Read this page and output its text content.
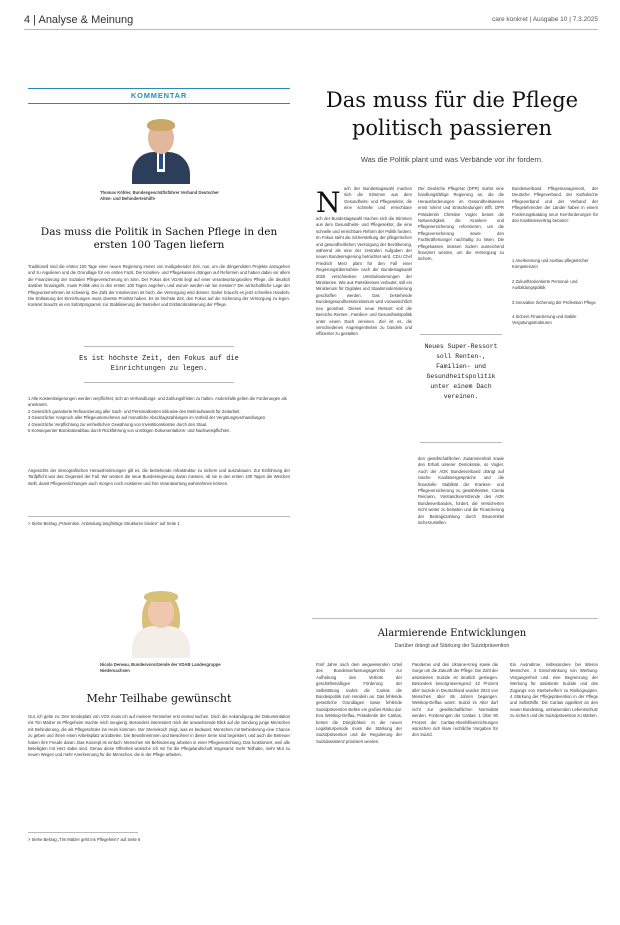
4 | Analyse & Meinung	care konkret | Ausgabe 10 | 7.3.2025
KOMMENTAR
Thomas Köhler, Bundesgeschäftsführer Verband Deutscher Alten- und Behindertenhilfe
Das muss die Politik in Sachen Pflege in den ersten 100 Tagen liefern
Traditionell sind die ersten 100 Tage einer neuen Regierung immer von maßgebender Zeit, nun, um die dringendsten Projekte anzugehen und zu regulieren und die Grundlage für ein erstes Fazit. Die Kranken- und Pflegekassen drängen auf Reformen und haben dabei vor allem die Finanzierung der Sozialen Pflegeversicherung im Sinn. Der Fokus des VDAB liegt auf einer verantwortungsvollen Pflege, die deutlich darüber hinausgeht, muss Politik also in den ersten 100 Tagen angehen, und worum werden wir sie messen? Die wirtschaftliche Lage der Pflegeunternehmen ist schwierig. Die Zahl der Insolvenzen ist hoch, die Versorgung wird dünner. Daher braucht es jetzt schnelles Handeln: Die Entlastung der Einrichtungen muss oberste Priorität haben. Es ist höchste Zeit, den Fokus auf die Sicherung der Versorgung zu legen. Konkret braucht es ein Sofortprogramm zur Stabilisierung der Betreiber und Entbürokratisierung der Pflege.
Es ist höchste Zeit, den Fokus auf die Einrichtungen zu legen.
1 Alle Kostensteigerungen werden verpflichtet, sich an Verhandlungs- und Zahlungsfristen zu halten. Andernfalls gelten die Forderungen als anerkannt.
2 Gesetzlich garantierte Refinanzierung aller Sach- und Personalkosten inklusive des Mehraufwands für Zeitarbeit.
3 Gesetzlicher Anspruch aller Pflegeunternehmen auf monatliche Abschlagszahlungen im Vorfeld der Vergütungsverhandlungen.
4 Gesetzliche Verpflichtung zur einheitlichen Gewährung von Investitionskosten durch den Staat.
5 Konsequenter Bürokratieabbau durch Rückführung von unnötigen Dokumentations- und Nachweispflichten.
Angesichts der demografischen Herausforderungen gilt es, die bestehende Infrastruktur zu sichern und auszubauen. Zur Einführung der Tarifpflicht war das Gegenteil der Fall. Wir werden die neue Bundesregierung daran messen, ob sie in den ersten 100 Tagen die Weichen stellt, damit Pflegeeinrichtungen auch morgen noch existieren und ihre Verantwortung wahrnehmen können.
> Siehe Beitrag „Prävention, Anbindung langfristige Strukturen binden“ auf Seite 1
Nicola Deneau, Bundesvorsitzende der VDAB Landesgruppe Niedersachsen
Mehr Teilhabe gewünscht
Gut, ich gebe zu: Den Sendeplatz von VOX muss ich auf meinem Fernseher erst einmal suchen. Doch die Ankündigung der Dokumentation mit Tim Mälzer im Pflegeheim machte mich neugierig. Besonders interessiert mich der anwachsende Blick auf die Sendung junge Menschen mit Behinderung, die als Pflegeschüler ins Heim kommen. Der Sternekoch zeigt, was es bedeutet, Menschen mit Behinderung eine Chance zu geben und ihnen einen Arbeitsplatz anzubieten. Die Bewohnerinnen und Bewohner in dieser Serie sind begeistert, und auch die Betreuer haben ihre Freude daran. Das Konzept ist einfach: Menschen mit Behinderung arbeiten in einer Pflegeeinrichtung. Das funktioniert, weil alle Beteiligten mit Herz dabei sind. Genau diese Offenheit wünsche ich mir für die Pflegelandschaft insgesamt: mehr Teilhabe, mehr Mut zu neuen Wegen und mehr Anerkennung für die Menschen, die in der Pflege arbeiten.
> Siehe Beitrag „Tim Mälzer geht ins Pflegeheim“ auf Seite 5
Das muss für die Pflege politisch passieren
Was die Politik plant und was Verbände vor ihr fordern.
N ach der Bundestagswahl machen sich die Stimmen aus dem Gesundheits- und Pflegesektor, die eine schnelle und erreichbare
ach der Bundestagswahl machen sich die Stimmen aus dem Gesundheits- und Pflegesektor, die eine schnelle und erreichbare Reform der Politik fordern. Im Fokus steht die Sicherstellung der pflegerischen und gesundheitlichen Versorgung der Bevölkerung, während als eine der zentralen Aufgaben der neuen Bundesregierung betrachtet wird. CDU Chef Friedrich Merz plant für den Fall einer Regierungsübernahme nach der Bundestagswahl 2025 verschiedene Umstrukturierungen der Ministerien. Wie aus Parteikreisen verlautet, soll ein Ministerium für Digitales und Staatsmodernisierung geschaffen werden. Das bestehende Bundesgesundheitsministerium wird voraussichtlich neu geordnet. Dieses neue Ressort soll die Bereiche Renten-, Familien- und Gesundheitspolitik unter einem Dach vereinen. Ziel ist es, die verschiedenen Angelegenheiten zu bündeln und effizienter zu gestalten.
Der Deutsche Pflegerat (DPR) mahnt eine handlungsfähige Regierung an, die die Herausforderungen im Gesundheitswesen ernst nimmt und Entscheidungen trifft. DPR Präsidentin Christine Vogler betont die Notwendigkeit, die Kranken- und Pflegeversicherung reformieren, um die Pflegeversicherung sowie den Fachkräftemangel nachhaltig zu lösen. Die Pflegekassen müssen zudem ausreichend finanziert werden, um die Versorgung zu sichern.
Neues Super-Ressort soll Renten-, Familien- und Gesundheitspolitik unter einem Dach vereinen.
den gesellschaftlichen Zusammenhalt sowie den Erhalt unserer Demokratie, so Vogler. Auch der AOK Bundesverband drängt auf rasche Koalitionsgespräche und die finanzielle Stabilität der Kranken- und Pflegeversicherung zu gewährleisten. Carola Reimann, Vorstandsvorsitzende des AOK Bundesverbandes, fordert, die Versicherten nicht weiter zu belasten und die Finanzierung der Beitragszahlung durch Steuermittel sicherzustellen.
Bundesverband Pflegemanagement, der Deutsche Pflegeverband, der Katholische Pflegeverband und der Verband der Pflegelehrenden der Länder haben in einem Forderungskatalog neun Kernforderungen für den Koalitionsvertrag benannt:
1 Anerkennung und Ausbau pflegerischer Kompetenzen
2 Zukunftsorientierte Personal- und Ausbildungspolitik
3 Innovative Sicherung der Profession Pflege
4 Sichere Finanzierung und stabile Vergütungsstrukturen
Alarmierende Entwicklungen
Darüber drängt auf Stärkung der Suizidprävention
Fünf Jahre nach dem wegweisenden Urteil des Bundesverfassungsgerichts zur Aufhebung des Verbots der geschäftsmäßigen Förderung der Selbsttötung mahnt die Caritas die Bundespolitik zum Handeln an. Das fehlende gesetzliche Grundlagen sowie fehlende Suizidprävention stellen ein großes Risiko dar. Eva Welskop-Deffaa, Präsidentin der Caritas, betont die Dringlichkeit: In der neuen Legislaturperiode muss die Stärkung der Suizidprävention und die Regulierung der Suizidassistenz priorisiert werden.
Pandemie und den Ukraine-Krieg sowie die Sorge um die Zukunft der Pflege. Die Zahl der assistierten Suizide ist deutlich gestiegen. Besonders besorgniserregend: 42 Prozent aller Suizide in Deutschland wurden 2023 von Menschen über 65 Jahren begangen. Welskop-Deffaa warnt: Suizid im Alter darf nicht zur gesellschaftlichen Normalität werden. Forderungen der Caritas: 1 Über 80 Prozent der Caritas-Altenhilfeeinrichtungen wünschen sich klare rechtliche Vorgaben für den Suizid.
Ein Ausnahme, insbesondere bei älteren Menschen. 3 Einschränkung von Werbung. Vergangenheit und eine Begrenzung der Werbung für assistierte Suizide und des Zugangs von Sterbehelfern zu Risikogruppen. 4 Stärkung der Pflegeprävention in der Pflege und Selbsthilfe. Die Caritas appelliert an den neuen Bundestag, umfassenden Lebensschutz zu sichern und die Suizidprävention zu stärken.
